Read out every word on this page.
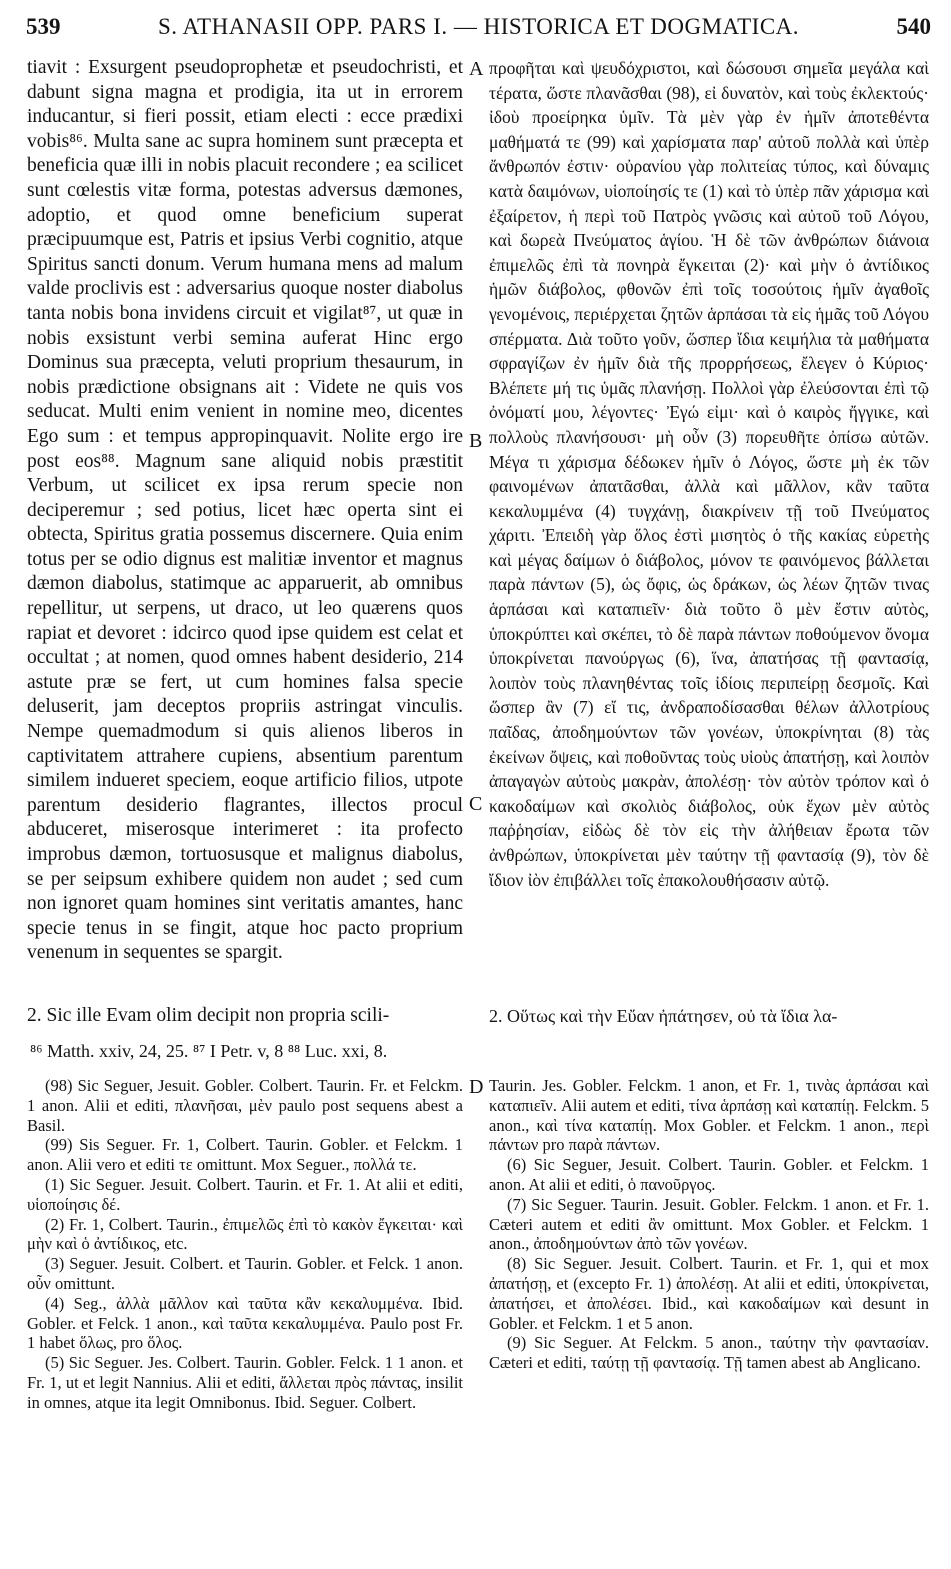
539	S. ATHANASII OPP. PARS I. — HISTORICA ET DOGMATICA.	540
A
B
C
D

tiavit : Exsurgent pseudoprophetæ et pseudochristi, et dabunt signa magna et prodigia, ita ut in errorem inducantur, si fieri possit, etiam electi : ecce prædixi vobis⁸⁶. Multa sane ac supra hominem sunt præcepta et beneficia quæ illi in nobis placuit recondere ; ea scilicet sunt cœlestis vitæ forma, potestas adversus dæmones, adoptio, et quod omne beneficium superat præcipuumque est, Patris et ipsius Verbi cognitio, atque Spiritus sancti donum. Verum humana mens ad malum valde proclivis est : adversarius quoque noster diabolus tanta nobis bona invidens circuit et vigilat⁸⁷, ut quæ in nobis exsistunt verbi semina auferat Hinc ergo Dominus sua præcepta, veluti proprium thesaurum, in nobis prædictione obsignans ait : Videte ne quis vos seducat. Multi enim venient in nomine meo, dicentes Ego sum : et tempus appropinquavit. Nolite ergo ire post eos⁸⁸. Magnum sane aliquid nobis præstitit Verbum, ut scilicet ex ipsa rerum specie non deciperemur ; sed potius, licet hæc operta sint ei obtecta, Spiritus gratia possemus discernere. Quia enim totus per se odio dignus est malitiæ inventor et magnus dæmon diabolus, statimque ac apparuerit, ab omnibus repellitur, ut serpens, ut draco, ut leo quærens quos rapiat et devoret : idcirco quod ipse quidem est celat et occultat ; at nomen, quod omnes habent desiderio, 214 astute præ se fert, ut cum homines falsa specie deluserit, jam deceptos propriis astringat vinculis. Nempe quemadmodum si quis alienos liberos in captivitatem attrahere cupiens, absentium parentum similem indueret speciem, eoque artificio filios, utpote parentum desiderio flagrantes, illectos procul abduceret, miserosque interimeret : ita profecto improbus dæmon, tortuosusque et malignus diabolus, se per seipsum exhibere quidem non audet ; sed cum non ignoret quam homines sint veritatis amantes, hanc specie tenus in se fingit, atque hoc pacto proprium venenum in sequentes se spargit.

προφῆται καὶ ψευδόχριστοι, καὶ δώσουσι σημεῖα μεγάλα καὶ τέρατα, ὥστε πλανᾶσθαι (98), εἰ δυνατὸν, καὶ τοὺς ἐκλεκτούς· ἰδοὺ προείρηκα ὑμῖν. Τὰ μὲν γὰρ ἐν ἡμῖν ἀποτεθέντα μαθήματά τε (99) καὶ χαρίσματα παρ' αὐτοῦ πολλὰ καὶ ὑπὲρ ἄνθρωπόν ἐστιν· οὐρανίου γὰρ πολιτείας τύπος, καὶ δύναμις κατὰ δαιμόνων, υἱοποίησίς τε (1) καὶ τὸ ὑπὲρ πᾶν χάρισμα καὶ ἐξαίρετον, ἡ περὶ τοῦ Πατρὸς γνῶσις καὶ αὐτοῦ τοῦ Λόγου, καὶ δωρεὰ Πνεύματος ἁγίου. Ἡ δὲ τῶν ἀνθρώπων διάνοια ἐπιμελῶς ἐπὶ τὰ πονηρὰ ἔγκειται (2)· καὶ μὴν ὁ ἀντίδικος ἡμῶν διάβολος, φθονῶν ἐπὶ τοῖς τοσούτοις ἡμῖν ἀγαθοῖς γενομένοις, περιέρχεται ζητῶν ἁρπάσαι τὰ εἰς ἡμᾶς τοῦ Λόγου σπέρματα. Διὰ τοῦτο γοῦν, ὥσπερ ἴδια κειμήλια τὰ μαθήματα σφραγίζων ἐν ἡμῖν διὰ τῆς προρρήσεως, ἔλεγεν ὁ Κύριος· Βλέπετε μή τις ὑμᾶς πλανήσῃ. Πολλοὶ γὰρ ἐλεύσονται ἐπὶ τῷ ὀνόματί μου, λέγοντες· Ἐγώ εἰμι· καὶ ὁ καιρὸς ἤγγικε, καὶ πολλοὺς πλανήσουσι· μὴ οὖν (3) πορευθῆτε ὀπίσω αὐτῶν. Μέγα τι χάρισμα δέδωκεν ἡμῖν ὁ Λόγος, ὥστε μὴ ἐκ τῶν φαινομένων ἀπατᾶσθαι, ἀλλὰ καὶ μᾶλλον, κἂν ταῦτα κεκαλυμμένα (4) τυγχάνῃ, διακρίνειν τῇ τοῦ Πνεύματος χάριτι. Ἐπειδὴ γὰρ ὅλος ἐστὶ μισητὸς ὁ τῆς κακίας εὑρετὴς καὶ μέγας δαίμων ὁ διάβολος, μόνον τε φαινόμενος βάλλεται παρὰ πάντων (5), ὡς ὄφις, ὡς δράκων, ὡς λέων ζητῶν τινας ἁρπάσαι καὶ καταπιεῖν· διὰ τοῦτο ὃ μὲν ἔστιν αὐτὸς, ὑποκρύπτει καὶ σκέπει, τὸ δὲ παρὰ πάντων ποθούμενον ὄνομα ὑποκρίνεται πανούργως (6), ἵνα, ἀπατήσας τῇ φαντασίᾳ, λοιπὸν τοὺς πλανηθέντας τοῖς ἰδίοις περιπείρῃ δεσμοῖς. Καὶ ὥσπερ ἂν (7) εἴ τις, ἀνδραποδίσασθαι θέλων ἀλλοτρίους παῖδας, ἀποδημούντων τῶν γονέων, ὑποκρίνηται (8) τὰς ἐκείνων ὄψεις, καὶ ποθοῦντας τοὺς υἱοὺς ἀπατήσῃ, καὶ λοιπὸν ἀπαγαγὼν αὐτοὺς μακρὰν, ἀπολέσῃ· τὸν αὐτὸν τρόπον καὶ ὁ κακοδαίμων καὶ σκολιὸς διάβολος, οὐκ ἔχων μὲν αὐτὸς παῤῥησίαν, εἰδὼς δὲ τὸν εἰς τὴν ἀλήθειαν ἔρωτα τῶν ἀνθρώπων, ὑποκρίνεται μὲν ταύτην τῇ φαντασίᾳ (9), τὸν δὲ ἴδιον ἰὸν ἐπιβάλλει τοῖς ἐπακολουθήσασιν αὐτῷ.

2. Sic ille Evam olim decipit non propria scili-	2. Οὕτως καὶ τὴν Εὔαν ἠπάτησεν, οὐ τὰ ἴδια λα-
⁸⁶ Matth. xxiv, 24, 25. ⁸⁷ I Petr. v, 8 ⁸⁸ Luc. xxi, 8.

(98) Sic Seguer, Jesuit. Gobler. Colbert. Taurin. Fr. et Felckm. 1 anon. Alii et editi, πλανῆσαι, μὲν paulo post sequens abest a Basil.

(99) Sis Seguer. Fr. 1, Colbert. Taurin. Gobler. et Felckm. 1 anon. Alii vero et editi τε omittunt. Mox Seguer., πολλά τε.

(1) Sic Seguer. Jesuit. Colbert. Taurin. et Fr. 1. At alii et editi, υἱοποίησις δέ.

(2) Fr. 1, Colbert. Taurin., ἐπιμελῶς ἐπὶ τὸ κακὸν ἔγκειται· καὶ μὴν καὶ ὁ ἀντίδικος, etc.

(3) Seguer. Jesuit. Colbert. et Taurin. Gobler. et Felck. 1 anon. οὖν omittunt.

(4) Seg., ἀλλὰ μᾶλλον καὶ ταῦτα κἂν κεκαλυμμένα. Ibid. Gobler. et Felck. 1 anon., καὶ ταῦτα κεκαλυμμένα. Paulo post Fr. 1 habet ὅλως, pro ὅλος.

(5) Sic Seguer. Jes. Colbert. Taurin. Gobler. Felck. 1 1 anon. et Fr. 1, ut et legit Nannius. Alii et editi, ἄλλεται πρὸς πάντας, insilit in omnes, atque ita legit Omnibonus. Ibid. Seguer. Colbert.

Taurin. Jes. Gobler. Felckm. 1 anon, et Fr. 1, τινὰς ἁρπάσαι καὶ καταπιεῖν. Alii autem et editi, τίνα ἁρπάσῃ καὶ καταπίῃ. Felckm. 5 anon., καὶ τίνα καταπίῃ. Mox Gobler. et Felckm. 1 anon., περὶ πάντων pro παρὰ πάντων.

(6) Sic Seguer, Jesuit. Colbert. Taurin. Gobler. et Felckm. 1 anon. At alii et editi, ὁ πανοῦργος.

(7) Sic Seguer. Taurin. Jesuit. Gobler. Felckm. 1 anon. et Fr. 1. Cæteri autem et editi ἂν omittunt. Mox Gobler. et Felckm. 1 anon., ἀποδημούντων ἀπὸ τῶν γονέων.

(8) Sic Seguer. Jesuit. Colbert. Taurin. et Fr. 1, qui et mox ἀπατήσῃ, et (excepto Fr. 1) ἀπολέσῃ. At alii et editi, ὑποκρίνεται, ἀπατήσει, et ἀπολέσει. Ibid., καὶ κακοδαίμων καὶ desunt in Gobler. et Felckm. 1 et 5 anon.

(9) Sic Seguer. At Felckm. 5 anon., ταύτην τὴν φαντασίαν. Cæteri et editi, ταύτῃ τῇ φαντασίᾳ. Τῇ tamen abest ab Anglicano.
